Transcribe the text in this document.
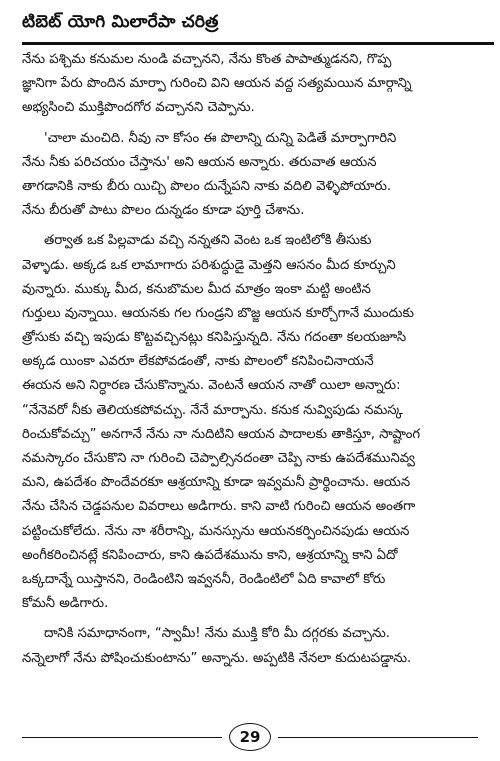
టిబెట్ యోగి మిలారేపా చరిత్ర
నేను పశ్చిమ కనుమల నుండి వచ్చానని, నేను కొంత పాపాత్ముడనని, గొప్ప
జ్ఞానిగా పేరు పొందిన మార్పా గురించి విని ఆయన వద్ద సత్యమయిన మార్గాన్ని
అభ్యసించి ముక్తిపొందగోర వచ్చానని చెప్పాను.
'చాలా మంచిది. నీవు నా కోసం ఈ పొలాన్ని దున్ని పెడితే మార్పాగారిని
నేను నీకు పరిచయం చేస్తాను' అని ఆయన అన్నారు. తరువాత ఆయన
తాగడానికి నాకు బీరు యిచ్చి పొలం దున్నేపని నాకు వదిలి వెళ్ళిపోయారు.
నేను బీరుతో పాటు పొలం దున్నడం కూడా పూర్తి చేశాను.
తర్వాత ఒక పిల్లవాడు వచ్చి నన్నతని వెంట ఒక ఇంటిలోకి తీసుకు
వెళ్ళాడు. అక్కడ ఒక లామాగారు పరిశుద్ధుడై మెత్తని ఆసనం మీద కూర్చుని
వున్నారు. ముక్కు మీద, కనుబొమల మీద మాత్రం ఇంకా మట్టి అంటిన
గుర్తులు వున్నాయి. ఆయనకు గల గుండ్రని బొజ్జ ఆయన కూర్చోగానే ముందుకు
త్రోసుకు వచ్చి ఇపుడు కొట్టవచ్చినట్లు కనిపిస్తున్నది. నేను గదంతా కలయజూసి
అక్కడ యింకా ఎవరూ లేకపోవడంతో, నాకు పొలంలో కనిపించినాయనే
ఈయన అని నిర్ధారణ చేసుకొన్నాను. వెంటనే ఆయన నాతో యిలా అన్నారు:
“నేనెవరో నీకు తెలియకపోవచ్చు. నేనే మార్పాను. కనుక నువ్విపుడు నమస్క
రించుకోవచ్చు” అనగానే నేను నా నుదిటిని ఆయన పాదాలకు తాకిస్తూ, సాష్టాంగ
నమస్కారం చేసుకొని నా గురించి చెప్పాల్సినదంతా చెప్పి నాకు ఉపదేశమునివ్వ
మని, ఉపదేశం పొందేవరకూ ఆశ్రయాన్ని కూడా ఇవ్వమనీ ప్రార్థించాను. ఆయన
నేను చేసిన చెడ్డపనుల వివరాలు అడిగారు. కాని వాటి గురించి ఆయన అంతగా
పట్టించుకోలేదు. నేను నా శరీరాన్ని, మనస్సును ఆయనకర్పించినపుడు ఆయన
అంగీకరించినట్లే కనిపించారు, కాని ఉపదేశమును కాని, ఆశ్రయాన్ని కాని ఏదో
ఒక్కదాన్నే యిస్తానని, రెండింటిని ఇవ్వననీ, రెండింటిలో ఏది కావాలో కోరు
కోమనీ అడిగారు.
దానికి సమాధానంగా, “స్వామీ! నేను ముక్తి కోరి మీ దగ్గరకు వచ్చాను.
నన్నెలాగో నేను పోషించుకుంటాను” అన్నాను. అప్పటికి నేనలా కుదుటపడ్డాను.
29
